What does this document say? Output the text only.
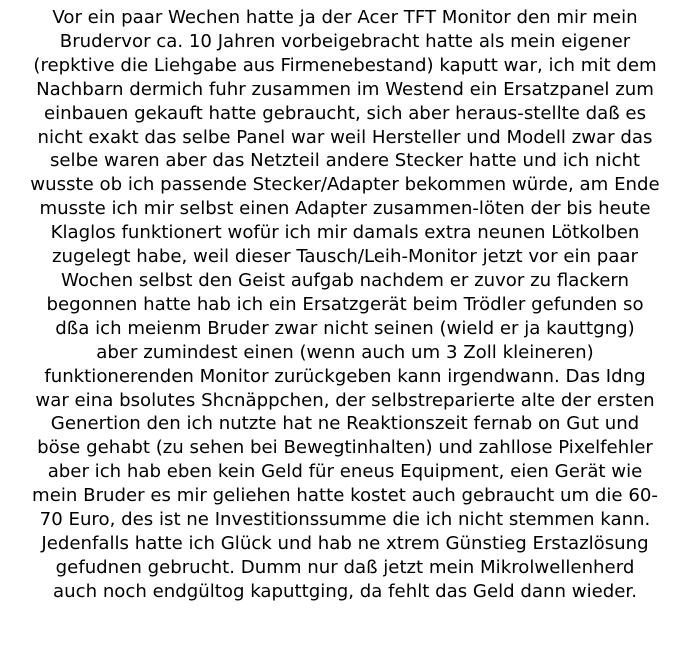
Vor ein paar Wechen hatte ja der Acer TFT Monitor den mir mein
Brudervor ca. 10 Jahren vorbeigebracht hatte als mein eigener
(repktive die Liehgabe aus Firmenebestand) kaputt war, ich mit dem
Nachbarn dermich fuhr zusammen im Westend ein Ersatzpanel zum
einbauen gekauft hatte gebraucht, sich aber heraus-stellte daß es
nicht exakt das selbe Panel war weil Hersteller und Modell zwar das
selbe waren aber das Netzteil andere Stecker hatte und ich nicht
wusste ob ich passende Stecker/Adapter bekommen würde, am Ende
musste ich mir selbst einen Adapter zusammen-löten der bis heute
Klaglos funktionert wofür ich mir damals extra neunen Lötkolben
zugelegt habe, weil dieser Tausch/Leih-Monitor jetzt vor ein paar
Wochen selbst den Geist aufgab nachdem er zuvor zu flackern
begonnen hatte hab ich ein Ersatzgerät beim Trödler gefunden so
dßa ich meienm Bruder zwar nicht seinen (wield er ja kauttgng)
aber zumindest einen (wenn auch um 3 Zoll kleineren)
funktionerenden Monitor zurückgeben kann irgendwann. Das Idng
war eina bsolutes Shcnäppchen, der selbstreparierte alte der ersten
Genertion den ich nutzte hat ne Reaktionszeit fernab on Gut und
böse gehabt (zu sehen bei Bewegtinhalten) und zahllose Pixelfehler
aber ich hab eben kein Geld für eneus Equipment, eien Gerät wie
mein Bruder es mir geliehen hatte kostet auch gebraucht um die 60-
70 Euro, des ist ne Investitionssumme die ich nicht stemmen kann.
Jedenfalls hatte ich Glück und hab ne xtrem Günstieg Erstazlösung
gefudnen gebrucht. Dumm nur daß jetzt mein Mikrolwellenherd
auch noch endgültog kaputtging, da fehlt das Geld dann wieder.
